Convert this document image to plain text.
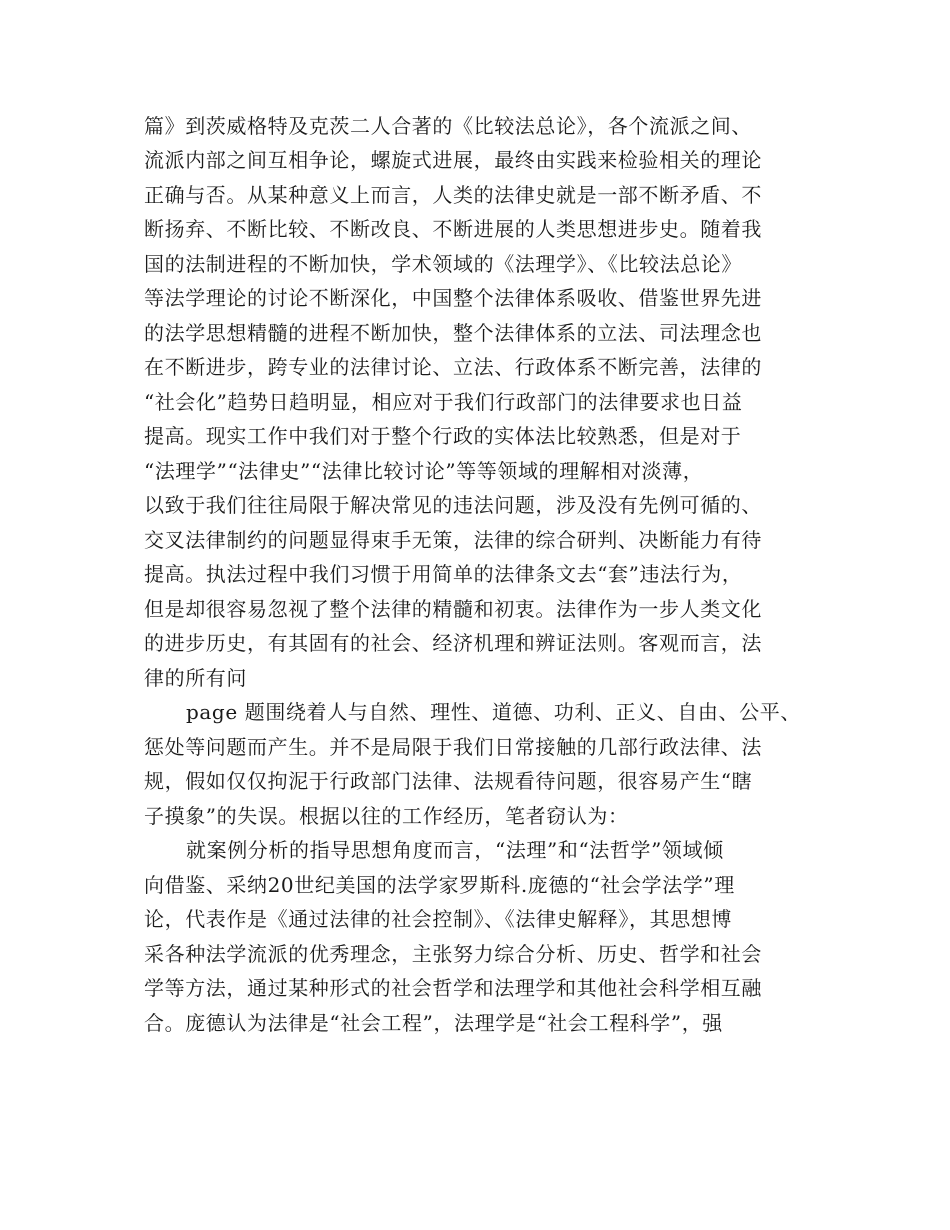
篇》到茨威格特及克茨二人合著的《比较法总论》，各个流派之间、

流派内部之间互相争论，螺旋式进展，最终由实践来检验相关的理论

正确与否。从某种意义上而言，人类的法律史就是一部不断矛盾、不

断扬弃、不断比较、不断改良、不断进展的人类思想进步史。随着我

国的法制进程的不断加快，学术领域的《法理学》、《比较法总论》

等法学理论的讨论不断深化，中国整个法律体系吸收、借鉴世界先进

的法学思想精髓的进程不断加快，整个法律体系的立法、司法理念也

在不断进步，跨专业的法律讨论、立法、行政体系不断完善，法律的

“社会化”趋势日趋明显，相应对于我们行政部门的法律要求也日益

提高。现实工作中我们对于整个行政的实体法比较熟悉，但是对于

“法理学”“法律史”“法律比较讨论”等等领域的理解相对淡薄，

以致于我们往往局限于解决常见的违法问题，涉及没有先例可循的、

交叉法律制约的问题显得束手无策，法律的综合研判、决断能力有待

提高。执法过程中我们习惯于用简单的法律条文去“套”违法行为，

但是却很容易忽视了整个法律的精髓和初衷。法律作为一步人类文化

的进步历史，有其固有的社会、经济机理和辨证法则。客观而言，法

律的所有问

page 题围绕着人与自然、理性、道德、功利、正义、自由、公平、

惩处等问题而产生。并不是局限于我们日常接触的几部行政法律、法

规，假如仅仅拘泥于行政部门法律、法规看待问题，很容易产生“瞎

子摸象”的失误。根据以往的工作经历，笔者窃认为：

就案例分析的指导思想角度而言，“法理”和“法哲学”领域倾

向借鉴、采纳20世纪美国的法学家罗斯科.庞德的“社会学法学”理

论，代表作是《通过法律的社会控制》、《法律史解释》，其思想博

采各种法学流派的优秀理念，主张努力综合分析、历史、哲学和社会

学等方法，通过某种形式的社会哲学和法理学和其他社会科学相互融

合。庞德认为法律是“社会工程”，法理学是“社会工程科学”，强
